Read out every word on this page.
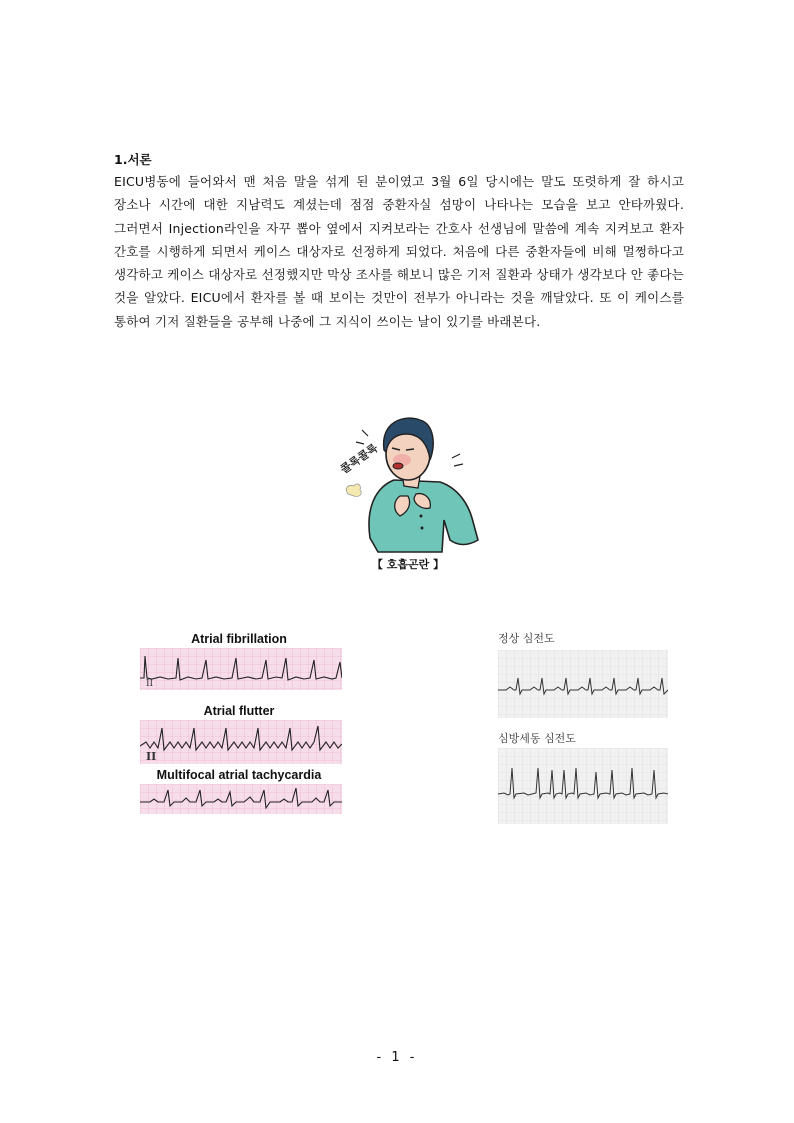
1.서론

EICU병동에 들어와서 맨 처음 말을 섞게 된 분이였고 3월 6일 당시에는 말도 또렷하게 잘 하시고 장소나 시간에 대한 지남력도 계셨는데 점점 중환자실 섬망이 나타나는 모습을 보고 안타까웠다. 그러면서 Injection라인을 자꾸 뽑아 옆에서 지켜보라는 간호사 선생님에 말씀에 계속 지켜보고 환자 간호를 시행하게 되면서 케이스 대상자로 선정하게 되었다. 처음에 다른 중환자들에 비해 멀쩡하다고 생각하고 케이스 대상자로 선정했지만 막상 조사를 해보니 많은 기저 질환과 상태가 생각보다 안 좋다는 것을 알았다. EICU에서 환자를 볼 때 보이는 것만이 전부가 아니라는 것을 깨달았다. 또 이 케이스를 통하여 기저 질환들을 공부해 나중에 그 지식이 쓰이는 날이 있기를 바래본다.

콜록콜록
【 호흡곤란 】
Atrial fibrillation
II
Atrial flutter
II
Multifocal atrial tachycardia
정상 심전도
심방세동 심전도
- 1 -
